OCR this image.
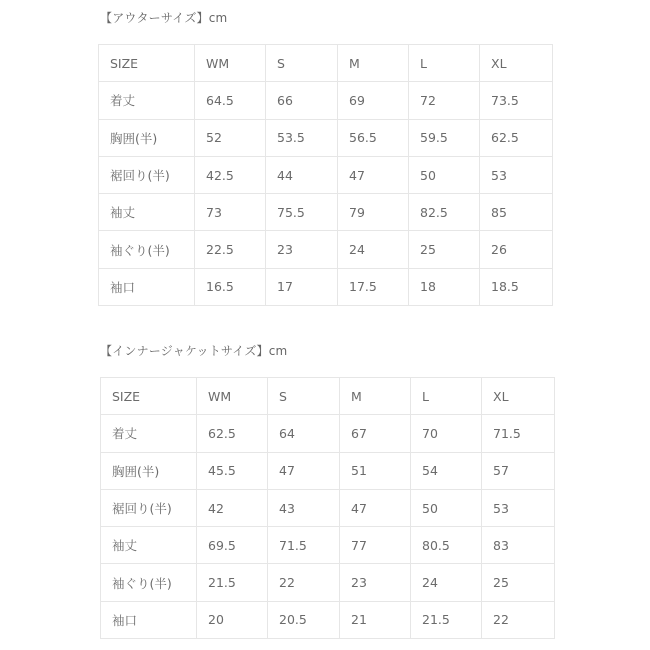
【アウターサイズ】cm
SIZE	WM	S	M	L	XL
着丈	64.5	66	69	72	73.5
胸囲(半)	52	53.5	56.5	59.5	62.5
裾回り(半)	42.5	44	47	50	53
袖丈	73	75.5	79	82.5	85
袖ぐり(半)	22.5	23	24	25	26
袖口	16.5	17	17.5	18	18.5
【インナージャケットサイズ】cm
SIZE	WM	S	M	L	XL
着丈	62.5	64	67	70	71.5
胸囲(半)	45.5	47	51	54	57
裾回り(半)	42	43	47	50	53
袖丈	69.5	71.5	77	80.5	83
袖ぐり(半)	21.5	22	23	24	25
袖口	20	20.5	21	21.5	22
